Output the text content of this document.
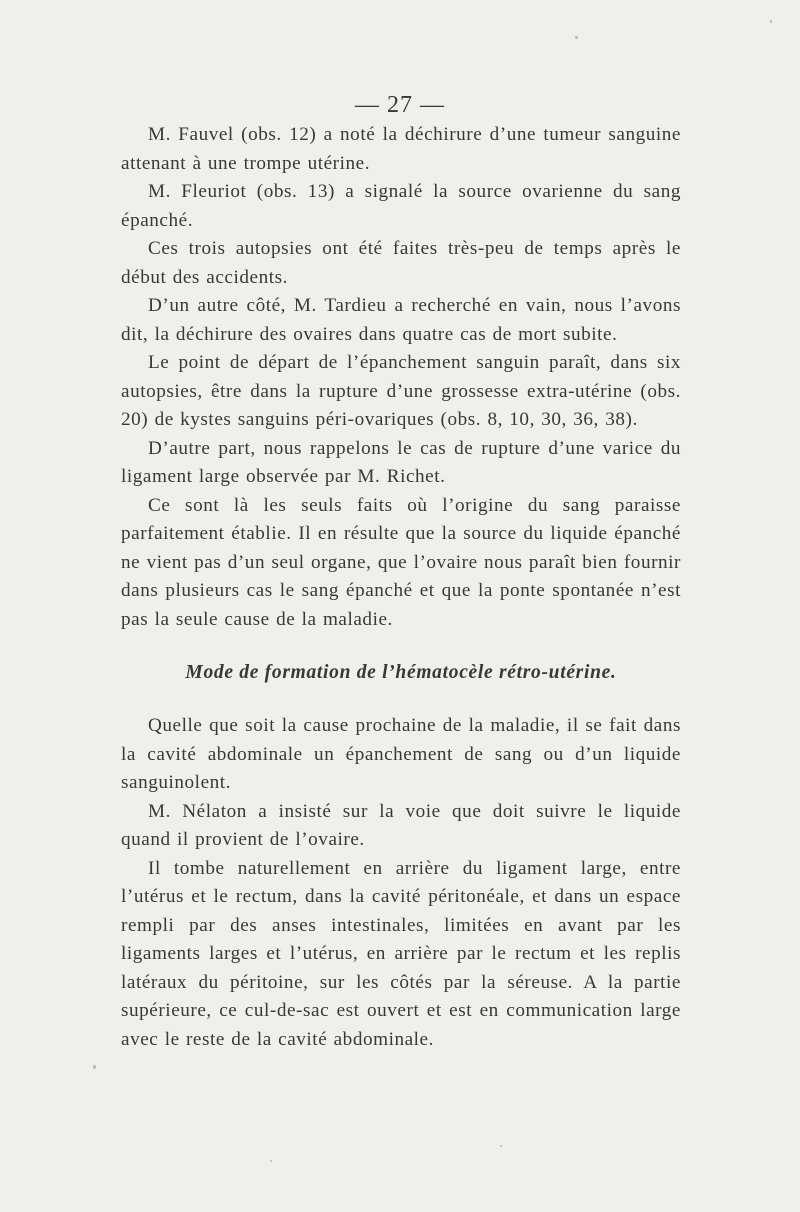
— 27 —

M. Fauvel (obs. 12) a noté la déchirure d’une tumeur sanguine attenant à une trompe utérine.

M. Fleuriot (obs. 13) a signalé la source ovarienne du sang épanché.

Ces trois autopsies ont été faites très-peu de temps après le début des accidents.

D’un autre côté, M. Tardieu a recherché en vain, nous l’avons dit, la déchirure des ovaires dans quatre cas de mort subite.

Le point de départ de l’épanchement sanguin paraît, dans six autopsies, être dans la rupture d’une grossesse extra-utérine (obs. 20) de kystes sanguins péri-ovariques (obs. 8, 10, 30, 36, 38).

D’autre part, nous rappelons le cas de rupture d’une varice du ligament large observée par M. Richet.

Ce sont là les seuls faits où l’origine du sang paraisse parfaitement établie. Il en résulte que la source du liquide épanché ne vient pas d’un seul organe, que l’ovaire nous paraît bien fournir dans plusieurs cas le sang épanché et que la ponte spontanée n’est pas la seule cause de la maladie.

Mode de formation de l’hématocèle rétro-utérine.

Quelle que soit la cause prochaine de la maladie, il se fait dans la cavité abdominale un épanchement de sang ou d’un liquide sanguinolent.

M. Nélaton a insisté sur la voie que doit suivre le liquide quand il provient de l’ovaire.

Il tombe naturellement en arrière du ligament large, entre l’utérus et le rectum, dans la cavité péritonéale, et dans un espace rempli par des anses intestinales, limitées en avant par les ligaments larges et l’utérus, en arrière par le rectum et les replis latéraux du péritoine, sur les côtés par la séreuse. A la partie supérieure, ce cul-de-sac est ouvert et est en communication large avec le reste de la cavité abdominale.
